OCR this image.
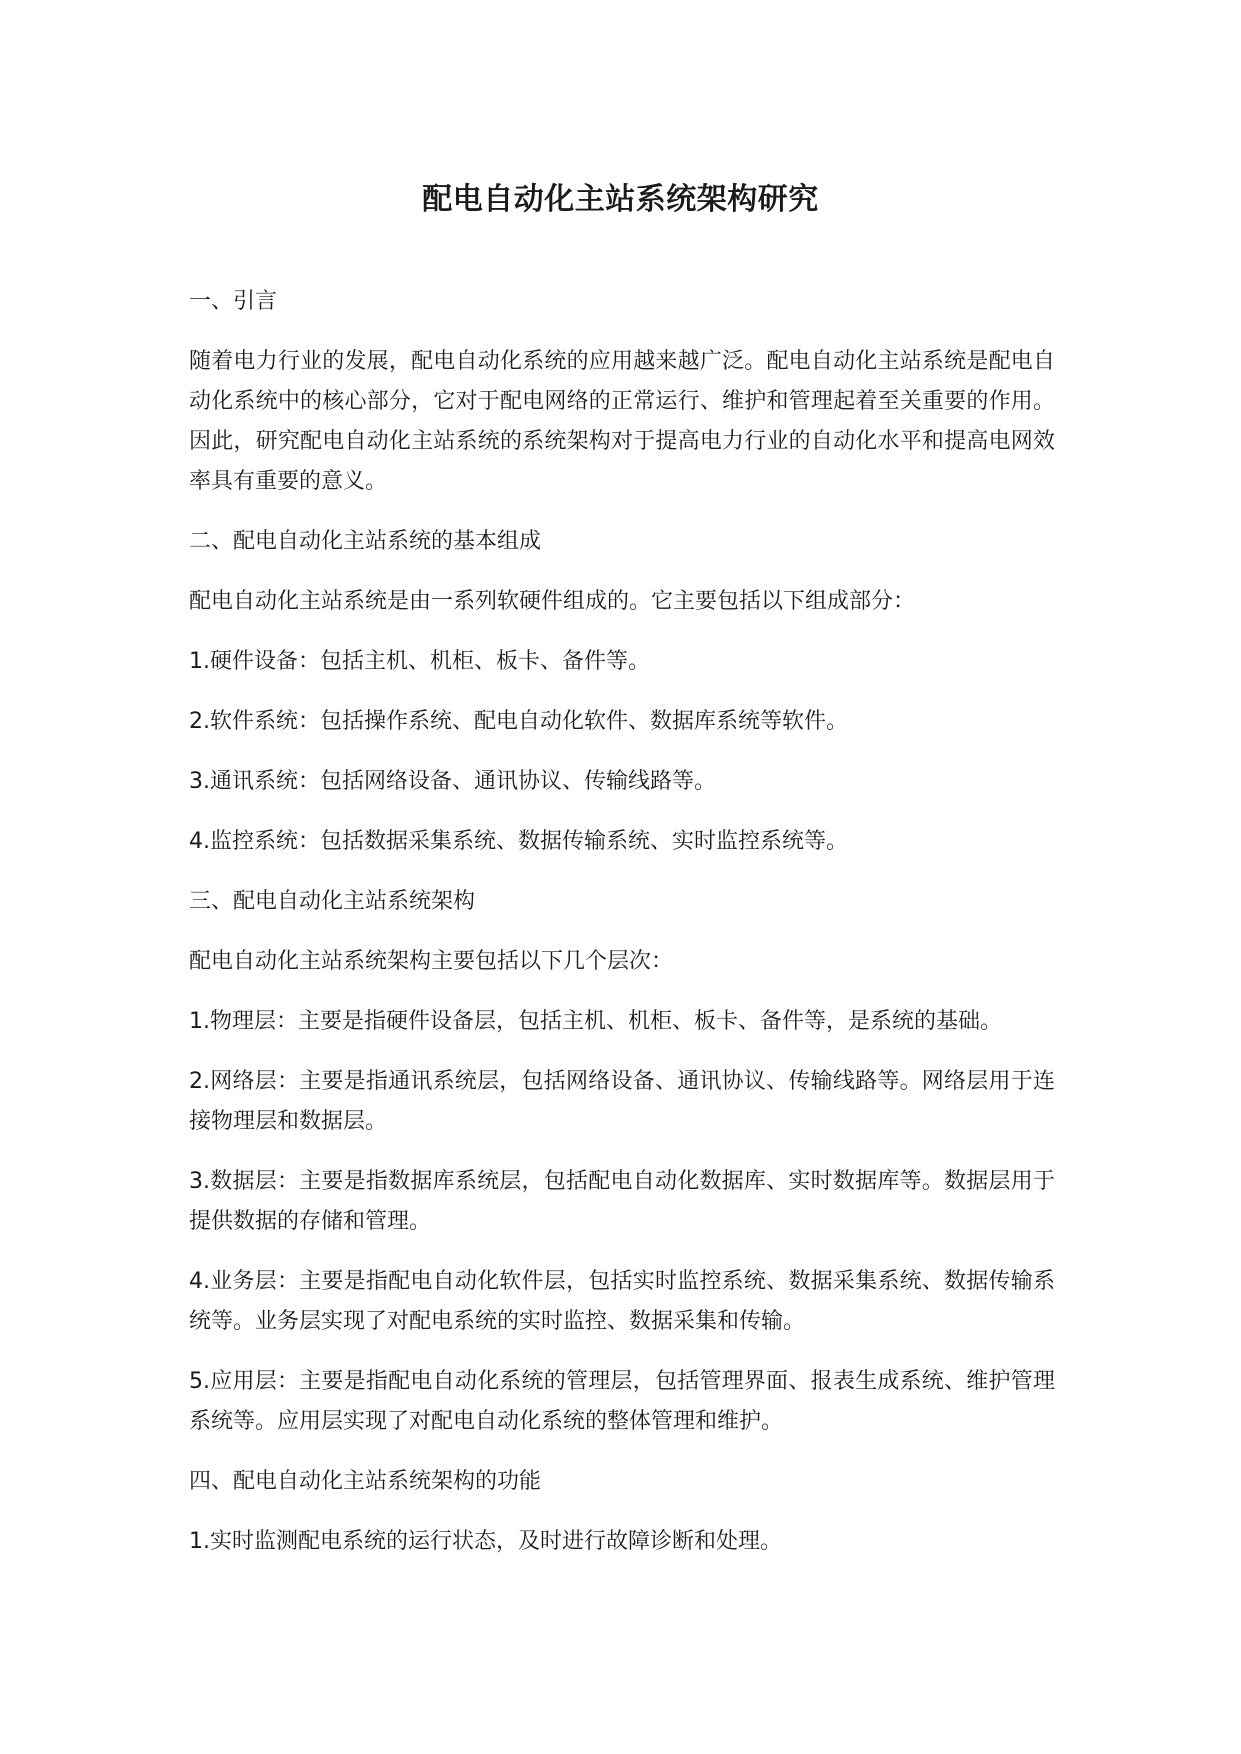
配电自动化主站系统架构研究

一、引言

随着电力行业的发展，配电自动化系统的应用越来越广泛。配电自动化主站系统是配电自动化系统中的核心部分，它对于配电网络的正常运行、维护和管理起着至关重要的作用。因此，研究配电自动化主站系统的系统架构对于提高电力行业的自动化水平和提高电网效率具有重要的意义。

二、配电自动化主站系统的基本组成

配电自动化主站系统是由一系列软硬件组成的。它主要包括以下组成部分：

1.硬件设备：包括主机、机柜、板卡、备件等。

2.软件系统：包括操作系统、配电自动化软件、数据库系统等软件。

3.通讯系统：包括网络设备、通讯协议、传输线路等。

4.监控系统：包括数据采集系统、数据传输系统、实时监控系统等。

三、配电自动化主站系统架构

配电自动化主站系统架构主要包括以下几个层次：

1.物理层：主要是指硬件设备层，包括主机、机柜、板卡、备件等，是系统的基础。

2.网络层：主要是指通讯系统层，包括网络设备、通讯协议、传输线路等。网络层用于连接物理层和数据层。

3.数据层：主要是指数据库系统层，包括配电自动化数据库、实时数据库等。数据层用于提供数据的存储和管理。

4.业务层：主要是指配电自动化软件层，包括实时监控系统、数据采集系统、数据传输系统等。业务层实现了对配电系统的实时监控、数据采集和传输。

5.应用层：主要是指配电自动化系统的管理层，包括管理界面、报表生成系统、维护管理系统等。应用层实现了对配电自动化系统的整体管理和维护。

四、配电自动化主站系统架构的功能

1.实时监测配电系统的运行状态，及时进行故障诊断和处理。
